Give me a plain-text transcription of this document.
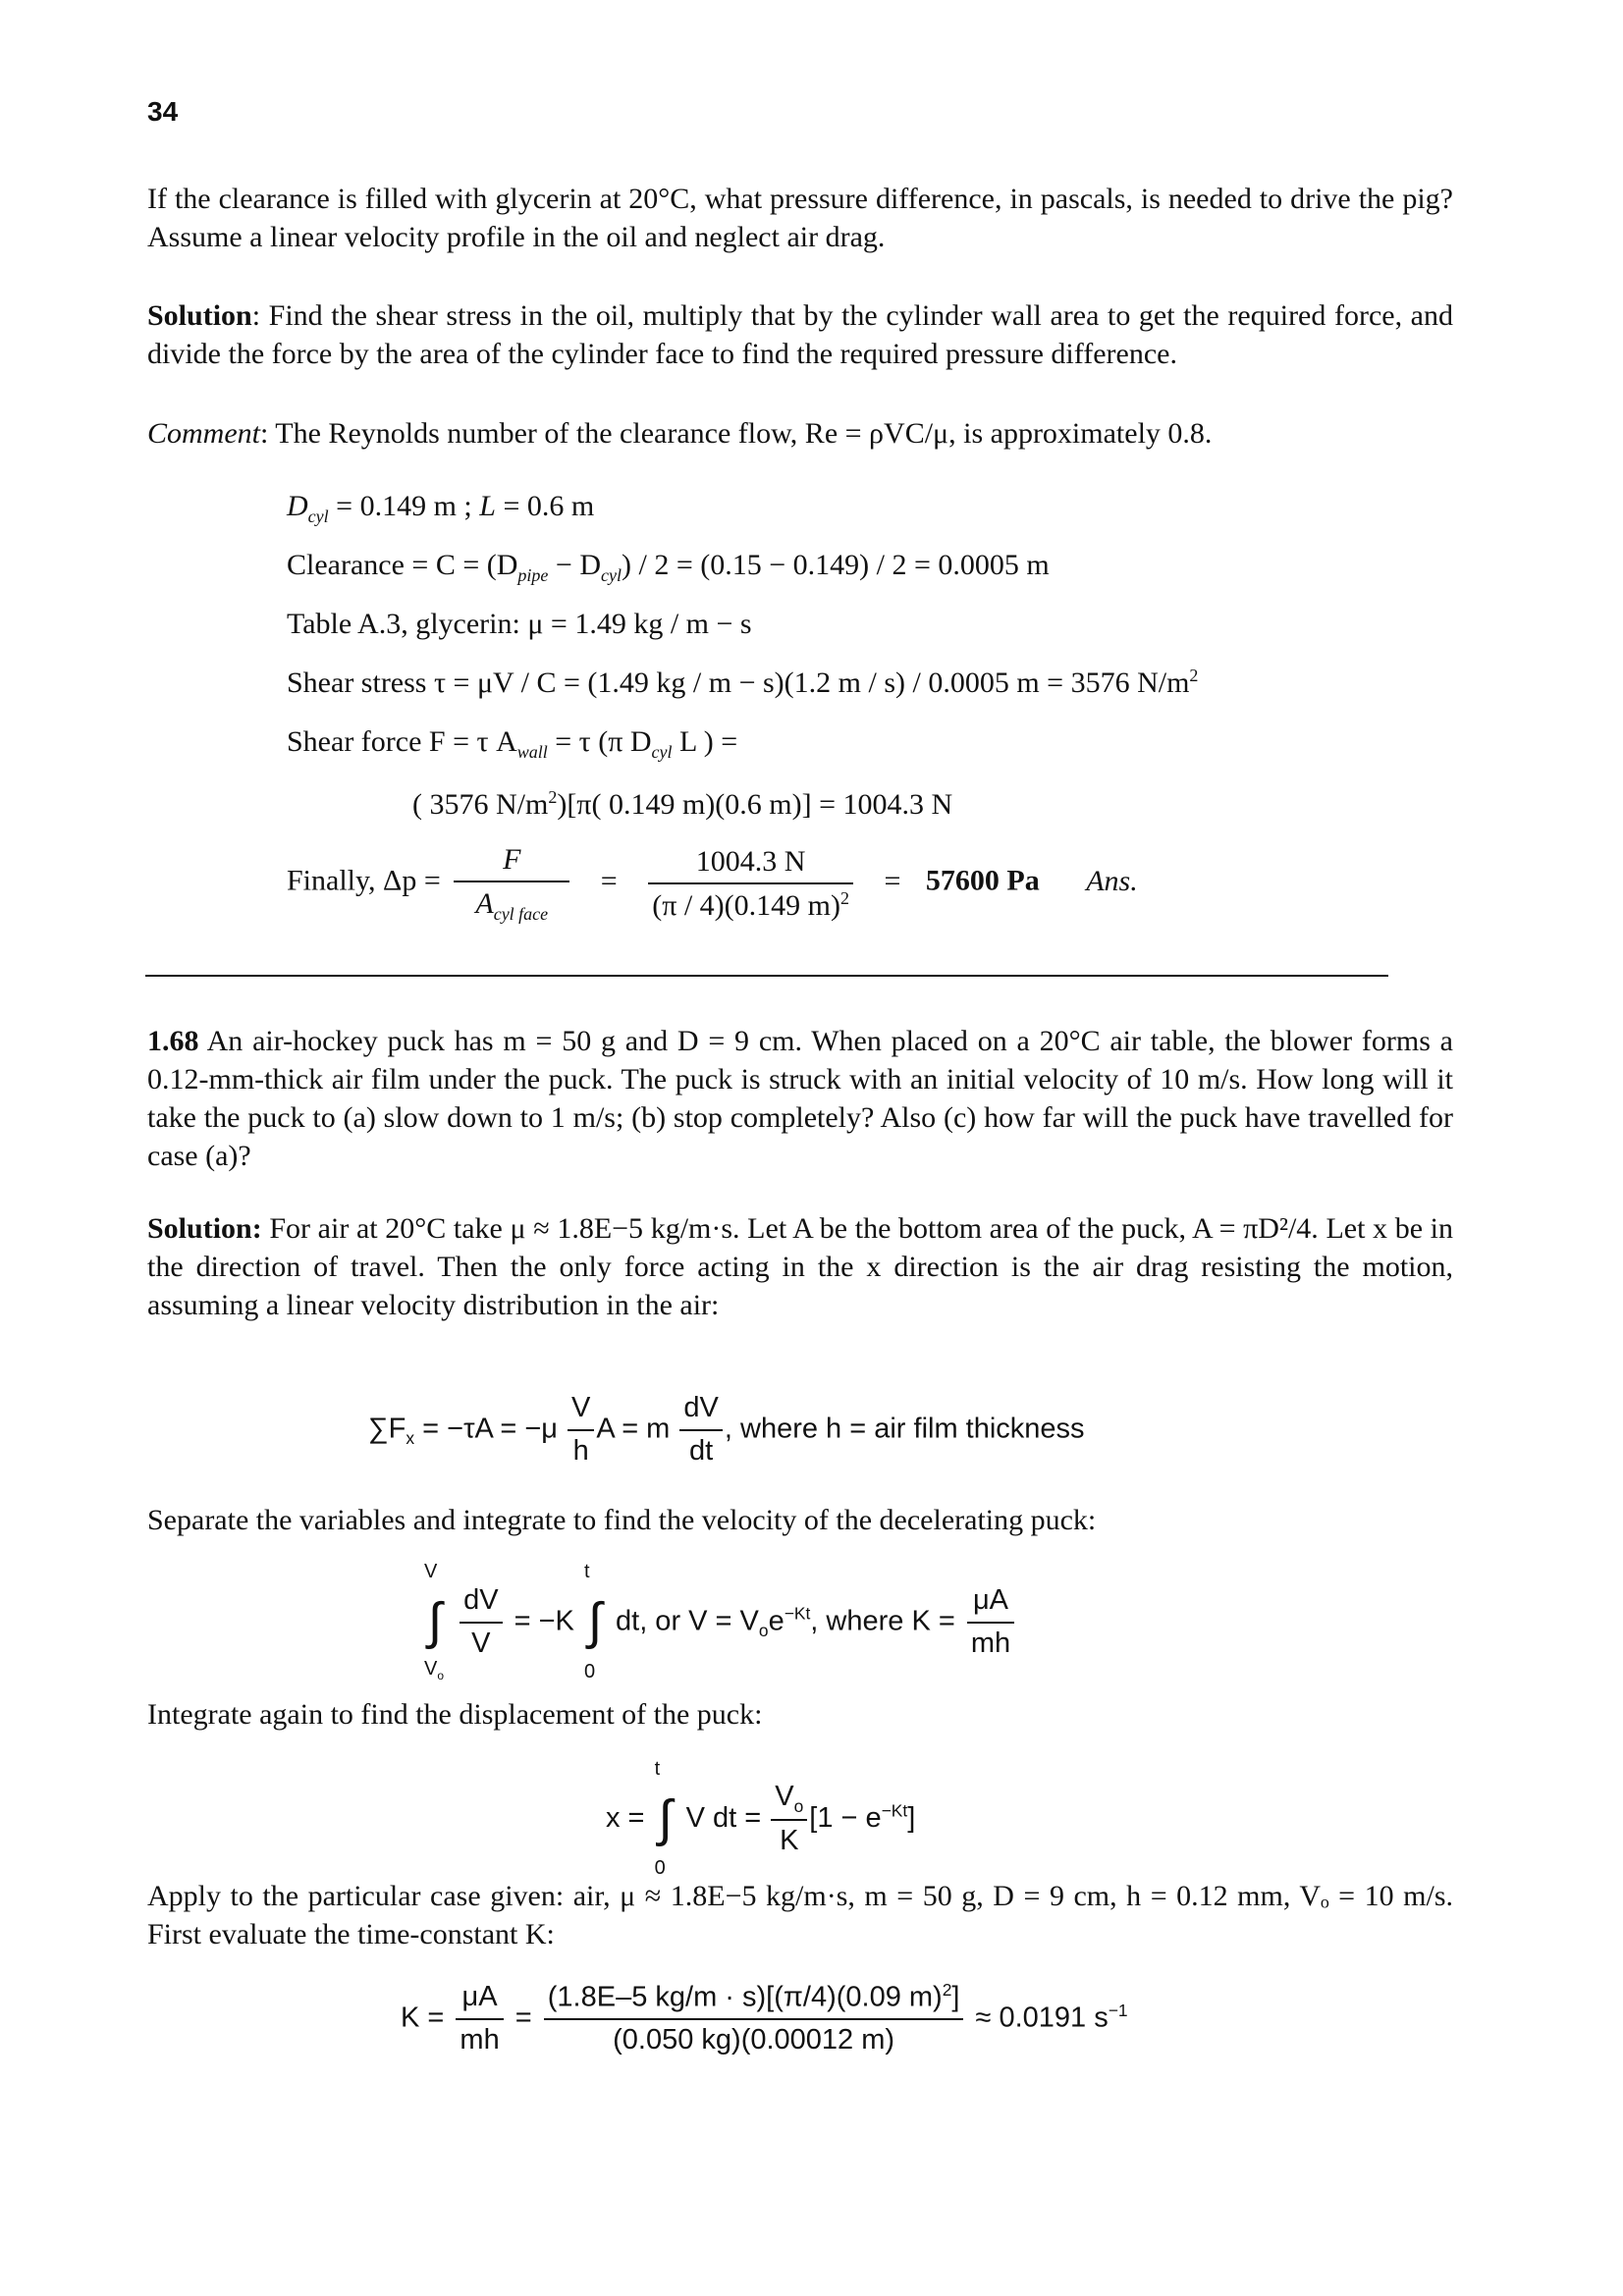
34
If the clearance is filled with glycerin at 20°C, what pressure difference, in pascals, is needed to drive the pig? Assume a linear velocity profile in the oil and neglect air drag.
Solution: Find the shear stress in the oil, multiply that by the cylinder wall area to get the required force, and divide the force by the area of the cylinder face to find the required pressure difference.
Comment: The Reynolds number of the clearance flow, Re = ρVC/μ, is approximately 0.8.
$D_{cyl} = 0.149$ m ; L = 0.6 m
Clearance = $C = (D_{pipe} - D_{cyl}) / 2 = (0.15 - 0.149) / 2 = 0.0005$ m
Table A.3, glycerin: μ = 1.49 kg / m − s
Shear stress τ = μV / C = (1.49 kg / m − s)(1.2 m / s) / 0.0005 m = 3576 $N/m^2$
Shear force F = τ $A_{wall} = \tau$ (π $D_{cyl}$ L ) =
( 3576 $N/m^2)[\pi$( 0.149 m)(0.6 m)] = 1004.3 N
Finally, $\Delta p = \frac{F}{A_{cyl face}} = \frac{1004.3 N}{(\pi / 4)(0.149 m)^2} = 57600$ Pa Ans.
1.68 An air-hockey puck has m = 50 g and D = 9 cm. When placed on a 20°C air table, the blower forms a 0.12-mm-thick air film under the puck. The puck is struck with an initial velocity of 10 m/s. How long will it take the puck to (a) slow down to 1 m/s; (b) stop completely? Also (c) how far will the puck have travelled for case (a)?
Solution: For air at 20°C take μ ≈ 1.8E−5 kg/m·s. Let A be the bottom area of the puck, A = πD²/4. Let x be in the direction of travel. Then the only force acting in the x direction is the air drag resisting the motion, assuming a linear velocity distribution in the air:
$\sum F_x = -\tau A = -\mu \frac{V}{h}$ A = m $\frac{dV}{dt}$ , where h = air film thickness
Separate the variables and integrate to find the velocity of the decelerating puck:
V
∫
$V_o$

$\frac{dV}{V} = -K$
t
∫
0
dt, or $V = V_oe^{-Kt}$, where $K = \frac{\mu A}{mh}$
Integrate again to find the displacement of the puck:
x =
t
∫
0
V dt = $\frac{V_o}{K} [1 - e^{-Kt}]$
Apply to the particular case given: air, μ ≈ 1.8E−5 kg/m·s, m = 50 g, D = 9 cm, h = 0.12 mm, Vₒ = 10 m/s. First evaluate the time-constant K:
$K = \frac{\mu A}{mh} = \frac{(1.8E-5 kg/m \cdot s)[(\pi/4)(0.09 m)^2]}{(0.050 kg)(0.00012 m)} \approx 0.0191$ $s^{-1}$
